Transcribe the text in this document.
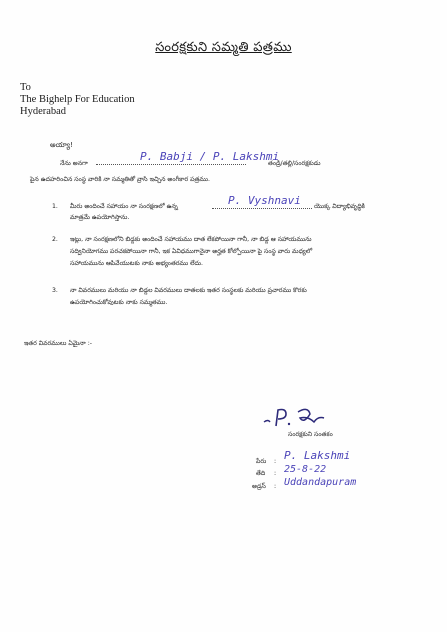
సంరక్షకుని సమ్మతి పత్రము
To
The Bighelp For Education
Hyderabad
అయ్యా!
నేను అనగా
P. Babji / P. Lakshmi
తండ్రి/తల్లి/సంరక్షకుడు
పైన ఉదహరించిన సంస్థ వారికి నా సమ్మతితో వ్రాసి ఇచ్చిన అంగీకార పత్రము.
1. మీరు అందించే సహాయం నా సంరక్షణలో ఉన్న	P. Vyshnavi యొక్క విద్యాభివృద్ధికి
మాత్రమే ఉపయోగిస్తాను.
2. ఇట్లు, నా సంరక్షణలోని బిడ్డకు అందించే సహాయము దాత లేకపోయినా గానీ, నా బిడ్డ ఆ సహాయమును
సద్వినియోగము పరచకపోయినా గానీ, ఇక ఏవిధముగానైనా అర్హత కోల్పోయినా పై సంస్థ వారు మధ్యలో
సహాయమును ఆపివేయుటకు నాకు అభ్యంతరము లేదు.
3. నా వివరములు మరియు నా బిడ్డల వివరములు దాతలకు ఇతర సంస్థలకు మరియు ప్రచారము కొరకు
ఉపయోగించుకోవుటకు నాకు సమ్మతము.
ఇతర వివరములు ఏమైనా :-
సంరక్షకుని సంతకం
పేరు : P. Lakshmi
తేది : 25-8-22
అడ్రస్ : Uddandapuram
